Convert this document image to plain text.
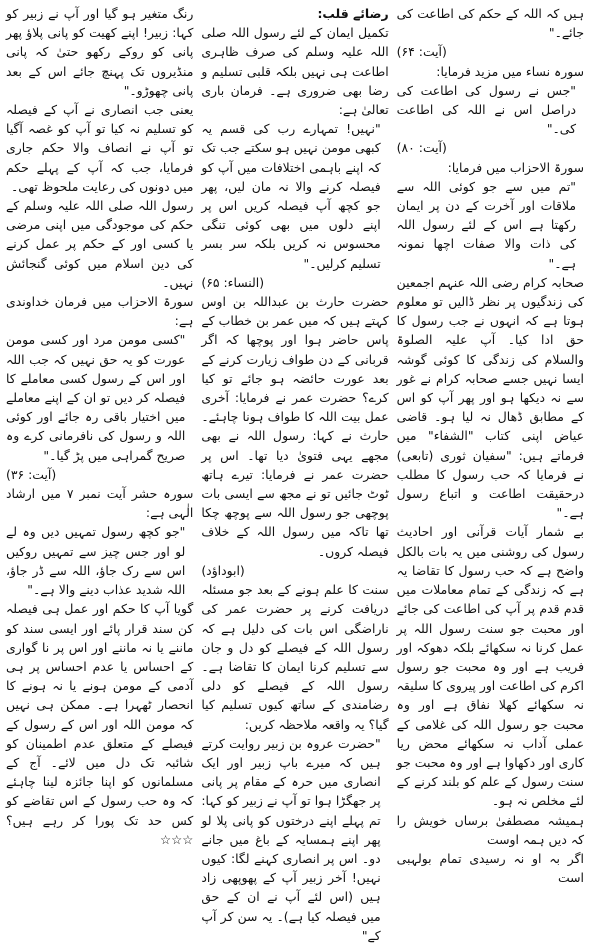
ہیں کہ اللہ کے حکم کی اطاعت کی جائے۔"

(آیت: ۶۴)

سورہ نساء میں مزید فرمایا:

"جس نے رسول کی اطاعت کی دراصل اس نے اللہ کی اطاعت کی۔"

(آیت: ۸۰)

سورۃ الاحزاب میں فرمایا:

"تم میں سے جو کوئی اللہ سے ملاقات اور آخرت کے دن پر ایمان رکھتا ہے اس کے لئے رسول اللہ کی ذات والا صفات اچھا نمونہ ہے۔"

صحابہ کرام رضی اللہ عنہم اجمعین کی زندگیوں پر نظر ڈالیں تو معلوم ہوتا ہے کہ انہوں نے جب رسول کا حق ادا کیا۔ آپ علیہ الصلوۃ والسلام کی زندگی کا کوئی گوشہ ایسا نہیں جسے صحابہ کرام نے غور سے نہ دیکھا ہو اور پھر آپ کو اس کے مطابق ڈھال نہ لیا ہو۔ قاضی عیاض اپنی کتاب "الشفاء" میں فرماتے ہیں: "سفیان ثوری (تابعی) نے فرمایا کہ حب رسول کا مطلب درحقیقت اطاعت و اتباع رسول ہے۔"

بے شمار آیات قرآنی اور احادیث رسول کی روشنی میں یہ بات بالکل واضح ہے کہ حب رسول کا تقاضا یہ ہے کہ زندگی کے تمام معاملات میں قدم قدم پر آپ کی اطاعت کی جائے اور محبت جو سنت رسول اللہ پر عمل کرنا نہ سکھائے بلکہ دھوکہ اور فریب ہے اور وہ محبت جو رسول اکرم کی اطاعت اور پیروی کا سلیقہ نہ سکھائے کھلا نفاق ہے اور وہ محبت جو رسول اللہ کی غلامی کے عملی آداب نہ سکھائے محض ریا کاری اور دکھاوا ہے اور وہ محبت جو سنت رسول کے علم کو بلند کرنے کے لئے مخلص نہ ہو۔

ہمیشہ مصطفیٰ برساں خویش را کہ دیں ہمہ اوست

اگر بہ او نہ رسیدی تمام بولہبی است

رضائے قلب:

تکمیل ایمان کے لئے رسول اللہ صلی اللہ علیہ وسلم کی صرف ظاہری اطاعت ہی نہیں بلکہ قلبی تسلیم و رضا بھی ضروری ہے۔ فرمان باری تعالیٰ ہے:

"نہیں! تمہارے رب کی قسم یہ کبھی مومن نہیں ہو سکتے جب تک کہ اپنے باہمی اختلافات میں آپ کو فیصلہ کرنے والا نہ مان لیں، پھر جو کچھ آپ فیصلہ کریں اس پر اپنے دلوں میں بھی کوئی تنگی محسوس نہ کریں بلکہ سر بسر تسلیم کرلیں۔"

(النساء: ۶۵)

حضرت حارث بن عبداللہ بن اوس کہتے ہیں کہ میں عمر بن خطاب کے پاس حاضر ہوا اور پوچھا کہ اگر قربانی کے دن طواف زیارت کرنے کے بعد عورت حائضہ ہو جائے تو کیا کرے؟ حضرت عمر نے فرمایا: آخری عمل بیت اللہ کا طواف ہونا چاہئے۔ حارث نے کہا: رسول اللہ نے بھی مجھے یہی فتویٰ دیا تھا۔ اس پر حضرت عمر نے فرمایا: تیرے ہاتھ ٹوٹ جائیں تو نے مجھ سے ایسی بات پوچھی جو رسول اللہ سے پوچھ چکا تھا تاکہ میں رسول اللہ کے خلاف فیصلہ کروں۔

(ابوداؤد)

سنت کا علم ہونے کے بعد جو مسئلہ دریافت کرنے پر حضرت عمر کی ناراضگی اس بات کی دلیل ہے کہ رسول اللہ کے فیصلے کو دل و جان سے تسلیم کرنا ایمان کا تقاضا ہے۔ رسول اللہ کے فیصلے کو دلی رضامندی کے ساتھ کیوں تسلیم کیا گیا؟ یہ واقعہ ملاحظہ کریں:

"حضرت عروہ بن زبیر روایت کرتے ہیں کہ میرے باپ زبیر اور ایک انصاری میں حرہ کے مقام پر پانی پر جھگڑا ہوا تو آپ نے زبیر کو کہا: تم پہلے اپنے درختوں کو پانی پلا لو پھر اپنے ہمسایہ کے باغ میں جانے دو۔ اس پر انصاری کہنے لگا: کیوں نہیں! آخر زبیر آپ کے پھوپھی زاد ہیں (اس لئے آپ نے ان کے حق میں فیصلہ کیا ہے)۔ یہ سن کر آپ کے"

رنگ متغیر ہو گیا اور آپ نے زبیر کو کہا: زبیر! اپنے کھیت کو پانی پلاؤ پھر پانی کو روکے رکھو حتیٰ کہ پانی منڈیروں تک پہنچ جائے اس کے بعد پانی چھوڑو۔"

یعنی جب انصاری نے آپ کے فیصلہ کو تسلیم نہ کیا تو آپ کو غصہ آگیا تو آپ نے انصاف والا حکم جاری فرمایا، جب کہ آپ کے پہلے حکم میں دونوں کی رعایت ملحوظ تھی۔

رسول اللہ صلی اللہ علیہ وسلم کے حکم کی موجودگی میں اپنی مرضی یا کسی اور کے حکم پر عمل کرنے کی دین اسلام میں کوئی گنجائش نہیں۔

سورۃ الاحزاب میں فرمان خداوندی ہے:

"کسی مومن مرد اور کسی مومن عورت کو یہ حق نہیں کہ جب اللہ اور اس کے رسول کسی معاملے کا فیصلہ کر دیں تو ان کے اپنے معاملے میں اختیار باقی رہ جائے اور کوئی اللہ و رسول کی نافرمانی کرے وہ صریح گمراہی میں پڑ گیا۔"

(آیت: ۳۶)

سورہ حشر آیت نمبر ۷ میں ارشاد الٰہی ہے:

"جو کچھ رسول تمہیں دیں وہ لے لو اور جس چیز سے تمہیں روکیں اس سے رک جاؤ، اللہ سے ڈر جاؤ، اللہ شدید عذاب دینے والا ہے۔"

گویا آپ کا حکم اور عمل ہی فیصلہ کن سند قرار پائے اور ایسی سند کو ماننے یا نہ ماننے اور اس پر نا گواری کے احساس یا عدم احساس پر ہی آدمی کے مومن ہونے یا نہ ہونے کا انحصار ٹھہرا ہے۔ ممکن ہی نہیں کہ مومن اللہ اور اس کے رسول کے فیصلے کے متعلق عدم اطمینان کو شائبہ تک دل میں لائے۔ آج کے مسلمانوں کو اپنا جائزہ لینا چاہئے کہ وہ حب رسول کے اس تقاضے کو کس حد تک پورا کر رہے ہیں؟ ☆☆☆
